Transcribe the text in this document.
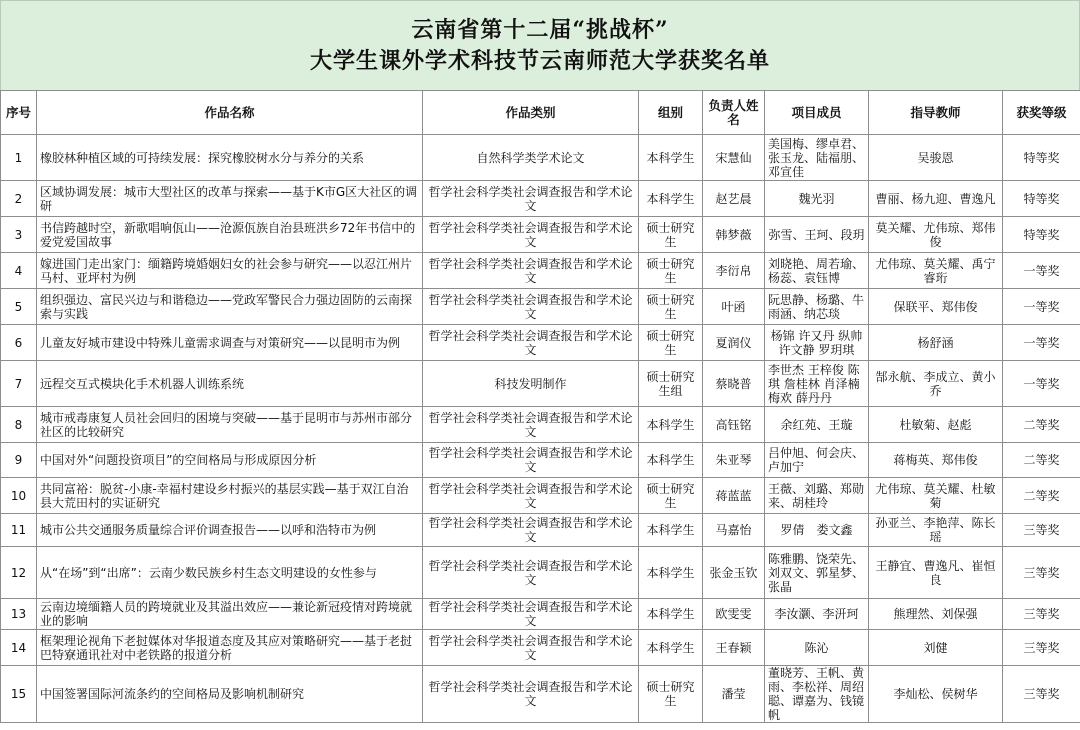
云南省第十二届“挑战杯”
大学生课外学术科技节云南师范大学获奖名单
序号	作品名称	作品类别	组别	负责人姓名	项目成员	指导教师	获奖等级
1	橡胶林种植区域的可持续发展：探究橡胶树水分与养分的关系	自然科学类学术论文	本科学生	宋慧仙	美国梅、缪卓君、张玉龙、陆福朋、邓宣佳	吴骏恩	特等奖
2	区域协调发展：城市大型社区的改革与探索——基于K市G区大社区的调研	哲学社会科学类社会调查报告和学术论文	本科学生	赵艺晨	魏光羽	曹丽、杨九迎、曹逸凡	特等奖
3	书信跨越时空，新歌唱响佤山——沧源佤族自治县班洪乡72年书信中的爱党爱国故事	哲学社会科学类社会调查报告和学术论文	硕士研究生	韩梦薇	弥雪、王珂、段玥	莫关耀、尤伟琼、郑伟俊	特等奖
4	嫁进国门走出家门：缅籍跨境婚姻妇女的社会参与研究——以忍江州片马村、亚坪村为例	哲学社会科学类社会调查报告和学术论文	硕士研究生	李衍帛	刘晓艳、周若瑜、杨蕊、袁钰博	尤伟琼、莫关耀、禹宁睿珩	一等奖
5	组织强边、富民兴边与和谐稳边——党政军警民合力强边固防的云南探索与实践	哲学社会科学类社会调查报告和学术论文	硕士研究生	叶函	阮思静、杨璐、牛雨涵、纳芯琰	保联平、郑伟俊	一等奖
6	儿童友好城市建设中特殊儿童需求调查与对策研究——以昆明市为例	哲学社会科学类社会调查报告和学术论文	硕士研究生	夏润仪	杨锦 许又丹 纵帅 许文静 罗玥琪	杨舒涵	一等奖
7	远程交互式模块化手术机器人训练系统	科技发明制作	硕士研究生组	蔡晓普	李世杰 王梓俊 陈琪 詹桂林 肖泽楠 梅欢 薛丹丹	郜永航、李成立、黄小乔	一等奖
8	城市戒毒康复人员社会回归的困境与突破——基于昆明市与苏州市部分社区的比较研究	哲学社会科学类社会调查报告和学术论文	本科学生	高钰铭	余红苑、王璇	杜敏菊、赵彪	二等奖
9	中国对外“问题投资项目”的空间格局与形成原因分析	哲学社会科学类社会调查报告和学术论文	本科学生	朱亚琴	吕仲旭、何会庆、卢加宁	蒋梅英、郑伟俊	二等奖
10	共同富裕：脱贫-小康-幸福村建设乡村振兴的基层实践—基于双江自治县大荒田村的实证研究	哲学社会科学类社会调查报告和学术论文	硕士研究生	蒋蓝蓝	王薇、刘璐、郑勋来、胡桂玲	尤伟琼、莫关耀、杜敏菊	二等奖
11	城市公共交通服务质量综合评价调查报告——以呼和浩特市为例	哲学社会科学类社会调查报告和学术论文	本科学生	马嘉怡	罗倩　娄文鑫	孙亚兰、李艳萍、陈长瑶	三等奖
12	从“在场”到“出席”：云南少数民族乡村生态文明建设的女性参与	哲学社会科学类社会调查报告和学术论文	本科学生	张金玉钦	陈雅鹏、饶荣先、刘双文、郭星梦、张晶	王静宜、曹逸凡、崔恒良	三等奖
13	云南边境缅籍人员的跨境就业及其溢出效应——兼论新冠疫情对跨境就业的影响	哲学社会科学类社会调查报告和学术论文	本科学生	欧雯雯	李汝灏、李汧珂	熊理然、刘保强	三等奖
14	框架理论视角下老挝媒体对华报道态度及其应对策略研究——基于老挝巴特寮通讯社对中老铁路的报道分析	哲学社会科学类社会调查报告和学术论文	本科学生	王春颖	陈沁	刘健	三等奖
15	中国签署国际河流条约的空间格局及影响机制研究	哲学社会科学类社会调查报告和学术论文	硕士研究生	潘莹	董晓芳、王帆、黄雨、李松祥、周绍聪、谭嘉为、钱镜帆	李灿松、侯树华	三等奖
